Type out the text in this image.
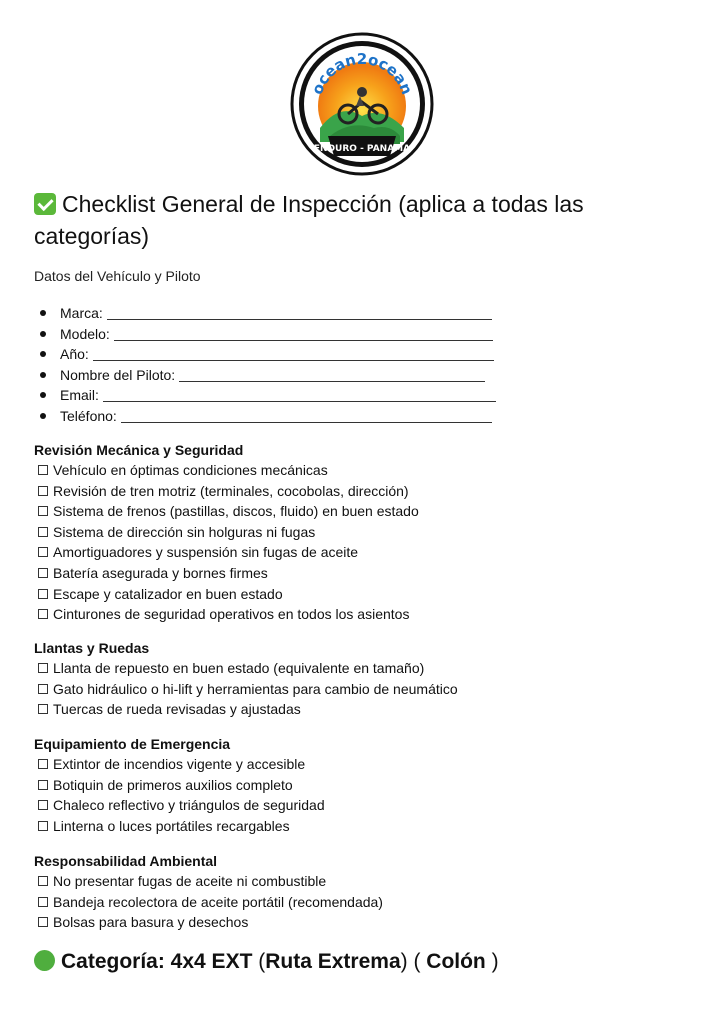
ocean2ocean
ENDURO - PANAMA
Checklist General de Inspección (aplica a todas las categorías)
Datos del Vehículo y Piloto
Marca:
Modelo:
Año:
Nombre del Piloto:
Email:
Teléfono:
Revisión Mecánica y Seguridad
Vehículo en óptimas condiciones mecánicas
Revisión de tren motriz (terminales, cocobolas, dirección)
Sistema de frenos (pastillas, discos, fluido) en buen estado
Sistema de dirección sin holguras ni fugas
Amortiguadores y suspensión sin fugas de aceite
Batería asegurada y bornes firmes
Escape y catalizador en buen estado
Cinturones de seguridad operativos en todos los asientos
Llantas y Ruedas
Llanta de repuesto en buen estado (equivalente en tamaño)
Gato hidráulico o hi-lift y herramientas para cambio de neumático
Tuercas de rueda revisadas y ajustadas
Equipamiento de Emergencia
Extintor de incendios vigente y accesible
Botiquin de primeros auxilios completo
Chaleco reflectivo y triángulos de seguridad
Linterna o luces portátiles recargables
Responsabilidad Ambiental
No presentar fugas de aceite ni combustible
Bandeja recolectora de aceite portátil (recomendada)
Bolsas para basura y desechos
Categoría: 4x4 EXT (Ruta Extrema) ( Colón )
